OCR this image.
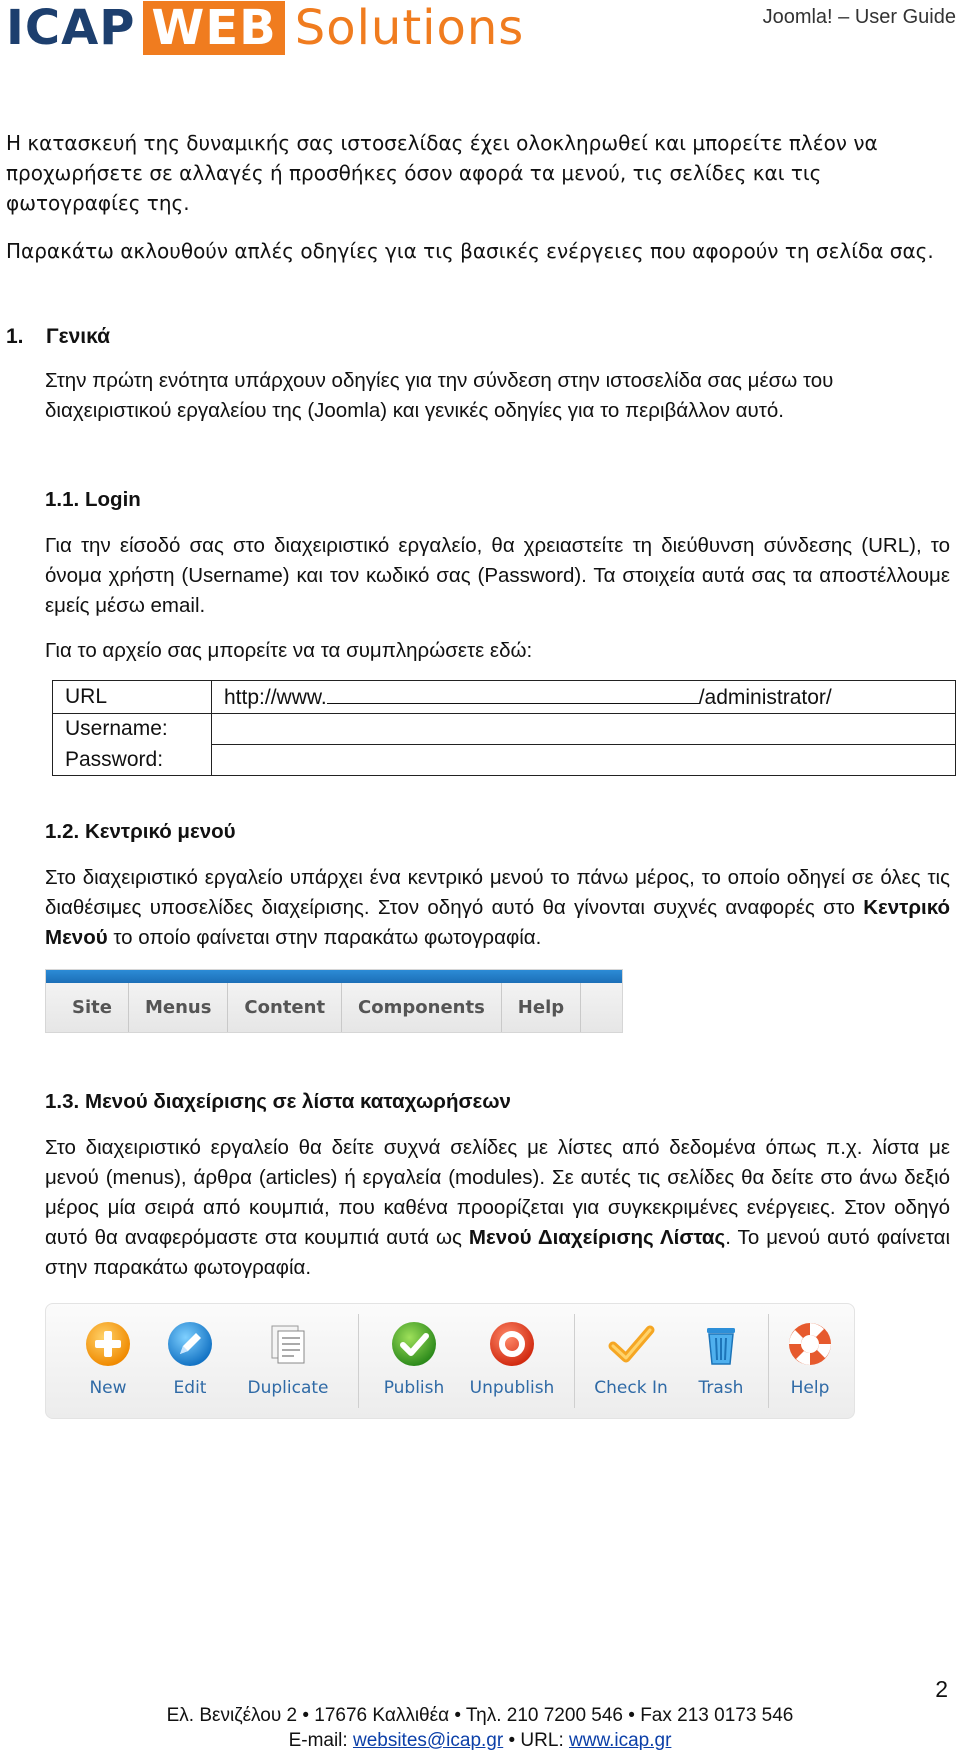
ICAP WEB Solutions	Joomla! – User Guide
Η κατασκευή της δυναμικής σας ιστοσελίδας έχει ολοκληρωθεί και μπορείτε πλέον να προχωρήσετε σε αλλαγές ή προσθήκες όσον αφορά τα μενού, τις σελίδες και τις φωτογραφίες της.
Παρακάτω ακλουθούν απλές οδηγίες για τις βασικές ενέργειες που αφορούν τη σελίδα σας.
1. Γενικά
Στην πρώτη ενότητα υπάρχουν οδηγίες για την σύνδεση στην ιστοσελίδα σας μέσω του διαχειριστικού εργαλείου της (Joomla) και γενικές οδηγίες για το περιβάλλον αυτό.
1.1. Login
Για την είσοδό σας στο διαχειριστικό εργαλείο, θα χρειαστείτε τη διεύθυνση σύνδεσης (URL), το όνομα χρήστη (Username) και τον κωδικό σας (Password). Τα στοιχεία αυτά σας τα αποστέλλουμε εμείς μέσω email.
Για το αρχείο σας μπορείτε να τα συμπληρώσετε εδώ:
URL	http://www. /administrator/
Username:	
Password:	
1.2. Κεντρικό μενού
Στο διαχειριστικό εργαλείο υπάρχει ένα κεντρικό μενού το πάνω μέρος, το οποίο οδηγεί σε όλες τις διαθέσιμες υποσελίδες διαχείρισης. Στον οδηγό αυτό θα γίνονται συχνές αναφορές στο Κεντρικό Μενού το οποίο φαίνεται στην παρακάτω φωτογραφία.
Site	Menus	Content	Components	Help
1.3. Μενού διαχείρισης σε λίστα καταχωρήσεων
Στο διαχειριστικό εργαλείο θα δείτε συχνά σελίδες με λίστες από δεδομένα όπως π.χ. λίστα με μενού (menus), άρθρα (articles) ή εργαλεία (modules). Σε αυτές τις σελίδες θα δείτε στο άνω δεξιό μέρος μία σειρά από κουμπιά, που καθένα προορίζεται για συγκεκριμένες ενέργειες. Στον οδηγό αυτό θα αναφερόμαστε στα κουμπιά αυτά ως Μενού Διαχείρισης Λίστας. Το μενού αυτό φαίνεται στην παρακάτω φωτογραφία.
New	Edit Duplicate	Publish Unpublish Check In Trash	Help
2
Ελ. Βενιζέλου 2 • 17676 Καλλιθέα • Τηλ. 210 7200 546 • Fax 213 0173 546
E-mail: websites@icap.gr • URL: www.icap.gr
